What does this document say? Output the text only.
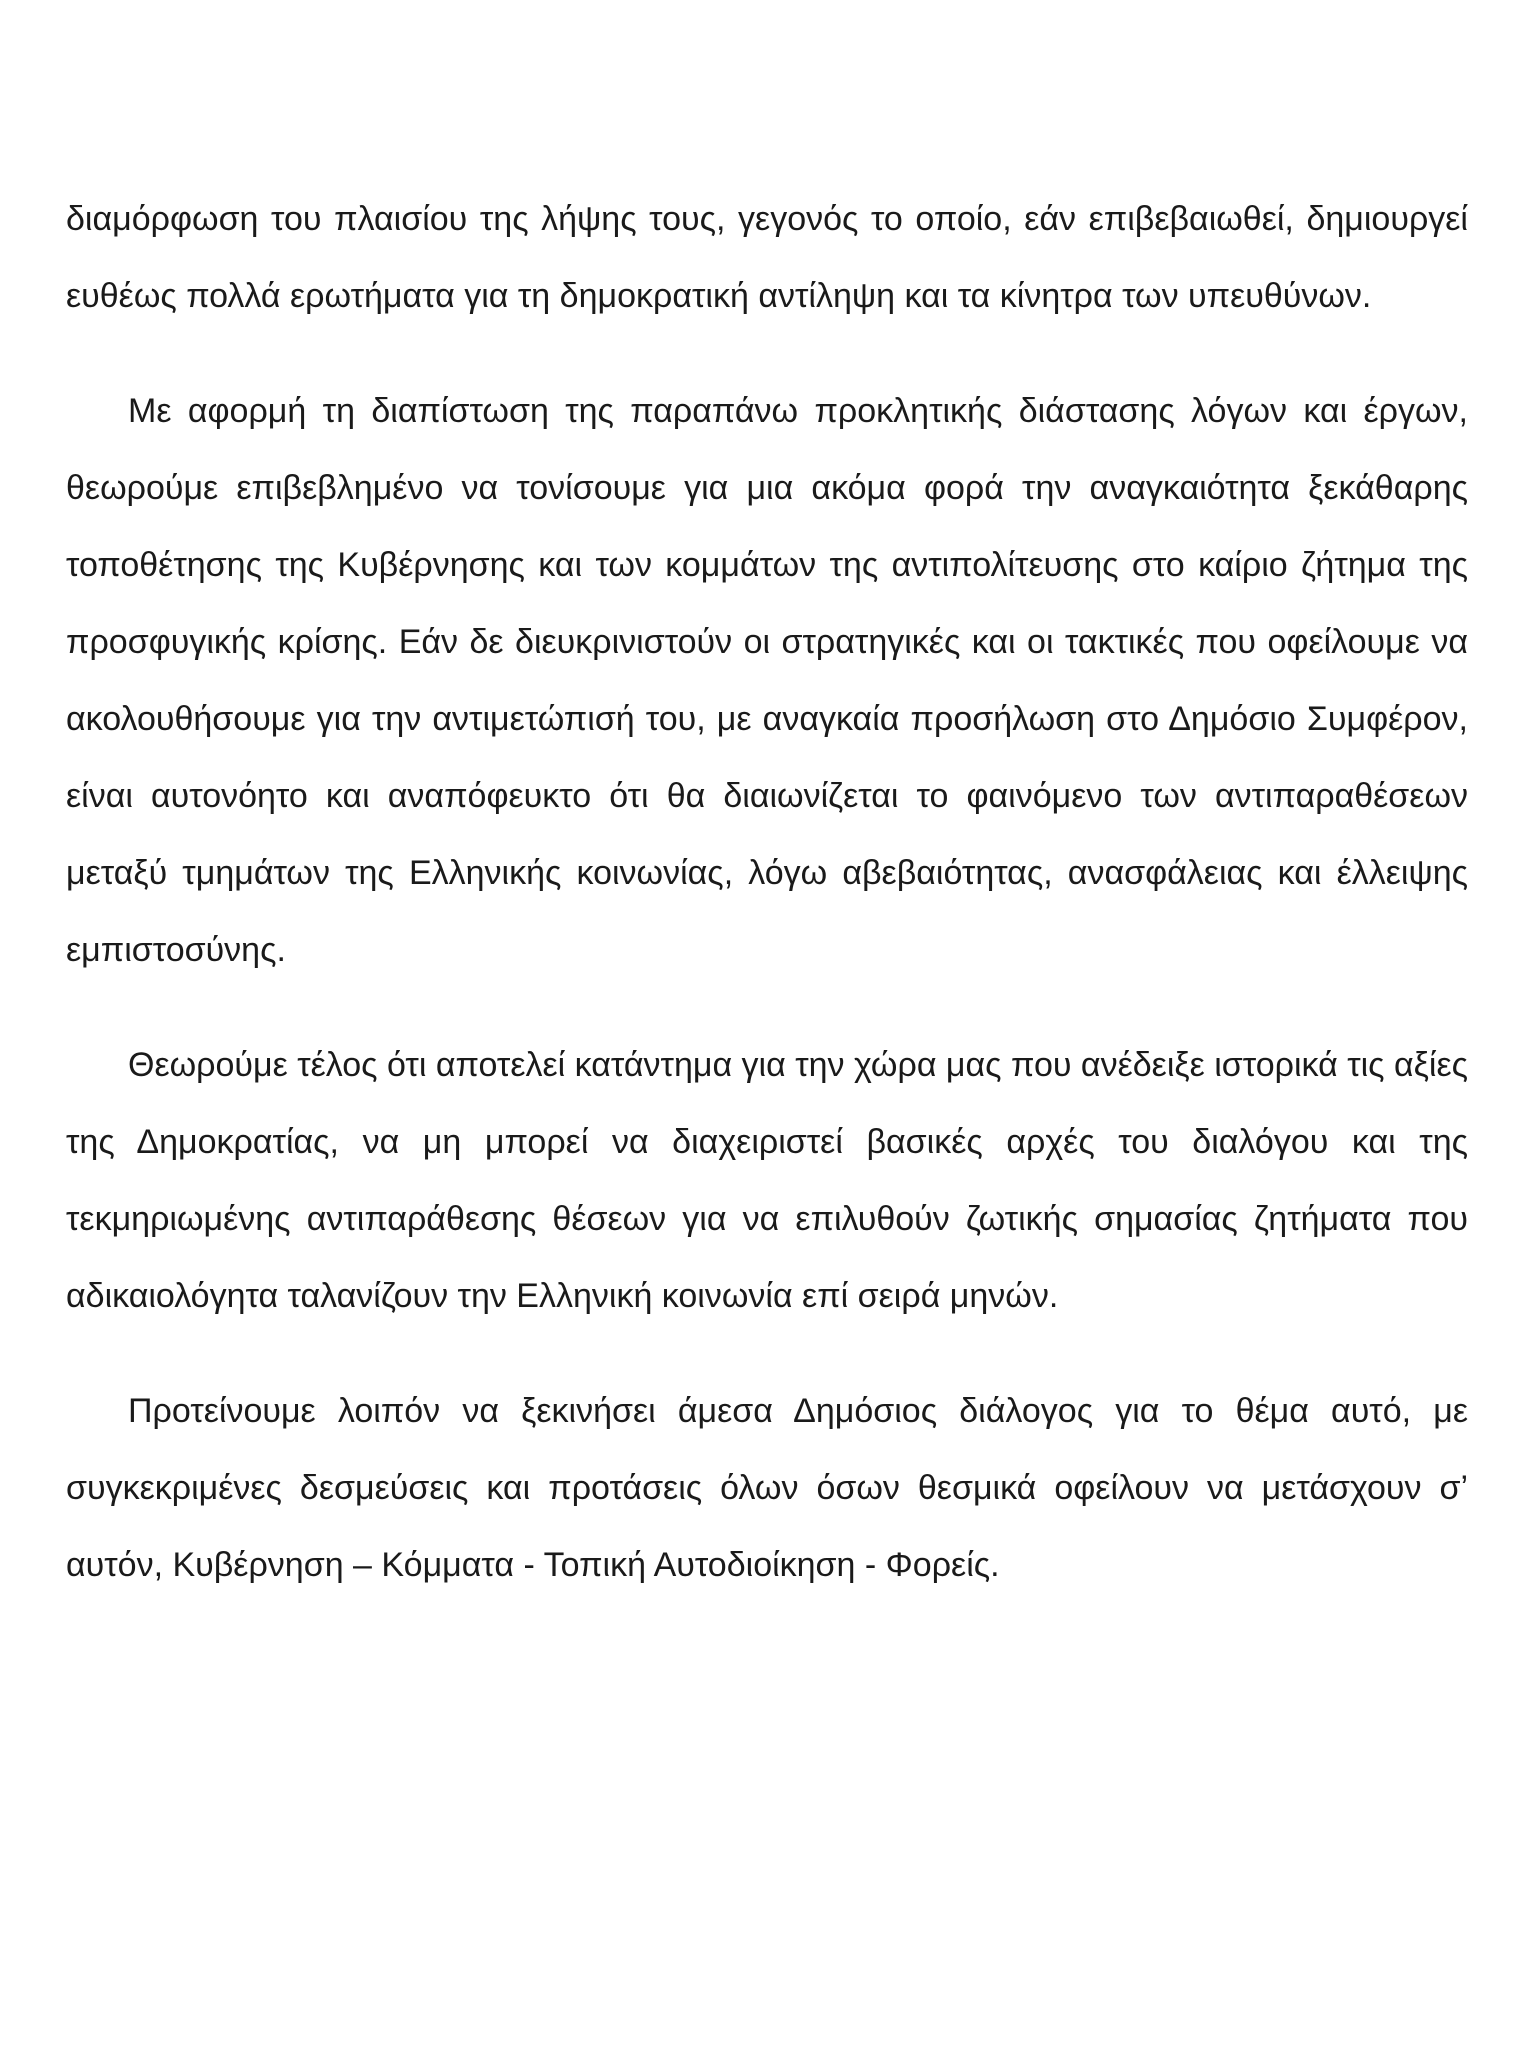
διαμόρφωση του πλαισίου της λήψης τους, γεγονός το οποίο, εάν επιβεβαιωθεί, δημιουργεί ευθέως πολλά ερωτήματα για τη δημοκρατική αντίληψη και τα κίνητρα των υπευθύνων.

Με αφορμή τη διαπίστωση της παραπάνω προκλητικής διάστασης λόγων και έργων, θεωρούμε επιβεβλημένο να τονίσουμε για μια ακόμα φορά την αναγκαιότητα ξεκάθαρης τοποθέτησης της Κυβέρνησης και των κομμάτων της αντιπολίτευσης στο καίριο ζήτημα της προσφυγικής κρίσης. Εάν δε διευκρινιστούν οι στρατηγικές και οι τακτικές που οφείλουμε να ακολουθήσουμε για την αντιμετώπισή του, με αναγκαία προσήλωση στο Δημόσιο Συμφέρον, είναι αυτονόητο και αναπόφευκτο ότι θα διαιωνίζεται το φαινόμενο των αντιπαραθέσεων μεταξύ τμημάτων της Ελληνικής κοινωνίας, λόγω αβεβαιότητας, ανασφάλειας και έλλειψης εμπιστοσύνης.

Θεωρούμε τέλος ότι αποτελεί κατάντημα για την χώρα μας που ανέδειξε ιστορικά τις αξίες της Δημοκρατίας, να μη μπορεί να διαχειριστεί βασικές αρχές του διαλόγου και της τεκμηριωμένης αντιπαράθεσης θέσεων για να επιλυθούν ζωτικής σημασίας ζητήματα που αδικαιολόγητα ταλανίζουν την Ελληνική κοινωνία επί σειρά μηνών.

Προτείνουμε λοιπόν να ξεκινήσει άμεσα Δημόσιος διάλογος για το θέμα αυτό, με συγκεκριμένες δεσμεύσεις και προτάσεις όλων όσων θεσμικά οφείλουν να μετάσχουν σ’ αυτόν, Κυβέρνηση – Κόμματα - Τοπική Αυτοδιοίκηση - Φορείς.
